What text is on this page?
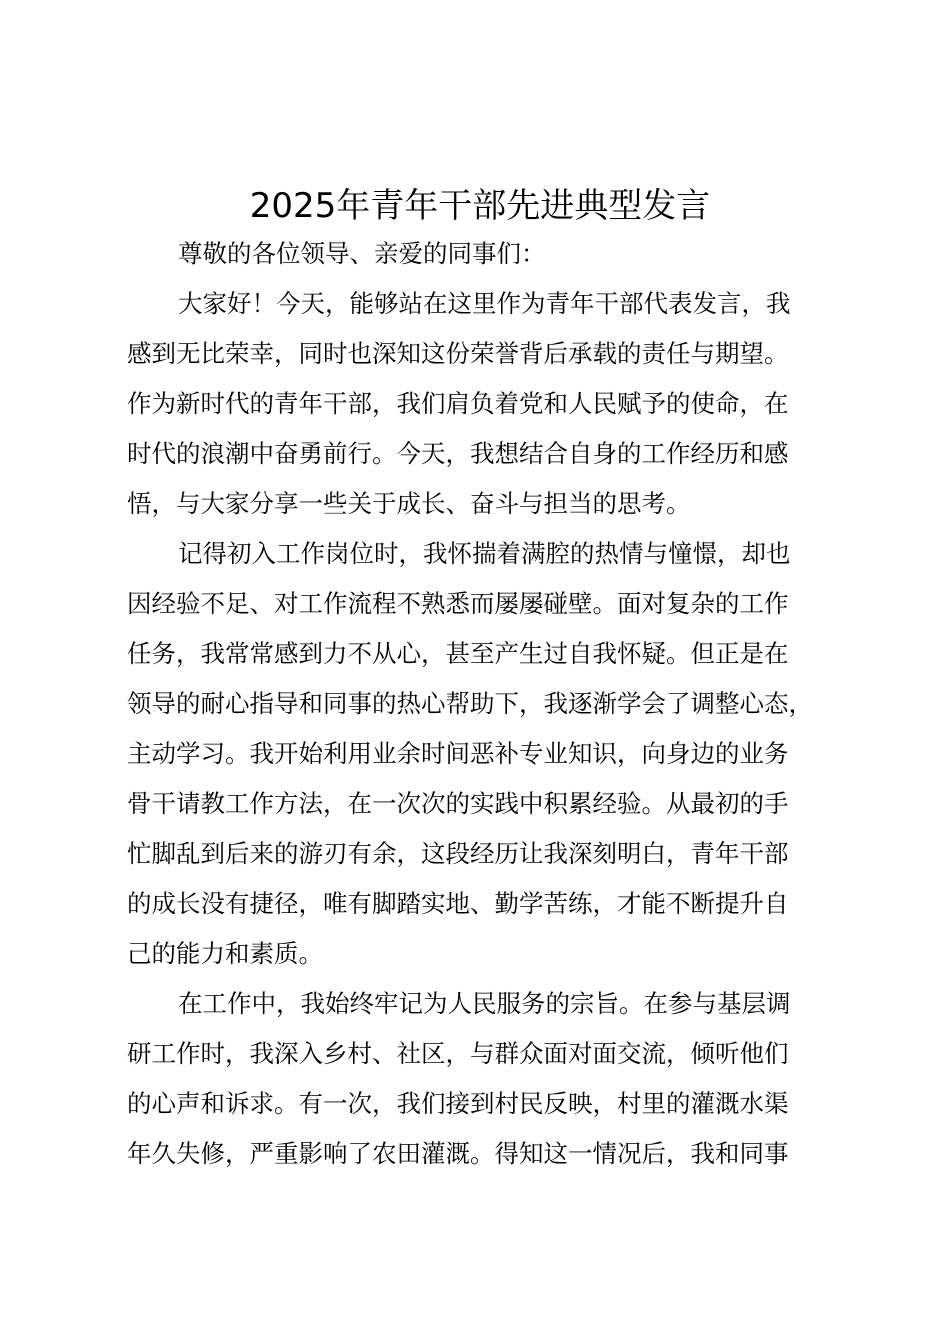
2025年青年干部先进典型发言

尊敬的各位领导、亲爱的同事们：

大家好！今天，能够站在这里作为青年干部代表发言，我

感到无比荣幸，同时也深知这份荣誉背后承载的责任与期望。

作为新时代的青年干部，我们肩负着党和人民赋予的使命，在

时代的浪潮中奋勇前行。今天，我想结合自身的工作经历和感

悟，与大家分享一些关于成长、奋斗与担当的思考。

记得初入工作岗位时，我怀揣着满腔的热情与憧憬，却也

因经验不足、对工作流程不熟悉而屡屡碰壁。面对复杂的工作

任务，我常常感到力不从心，甚至产生过自我怀疑。但正是在

领导的耐心指导和同事的热心帮助下，我逐渐学会了调整心态，

主动学习。我开始利用业余时间恶补专业知识，向身边的业务

骨干请教工作方法，在一次次的实践中积累经验。从最初的手

忙脚乱到后来的游刃有余，这段经历让我深刻明白，青年干部

的成长没有捷径，唯有脚踏实地、勤学苦练，才能不断提升自

己的能力和素质。

在工作中，我始终牢记为人民服务的宗旨。在参与基层调

研工作时，我深入乡村、社区，与群众面对面交流，倾听他们

的心声和诉求。有一次，我们接到村民反映，村里的灌溉水渠

年久失修，严重影响了农田灌溉。得知这一情况后，我和同事
